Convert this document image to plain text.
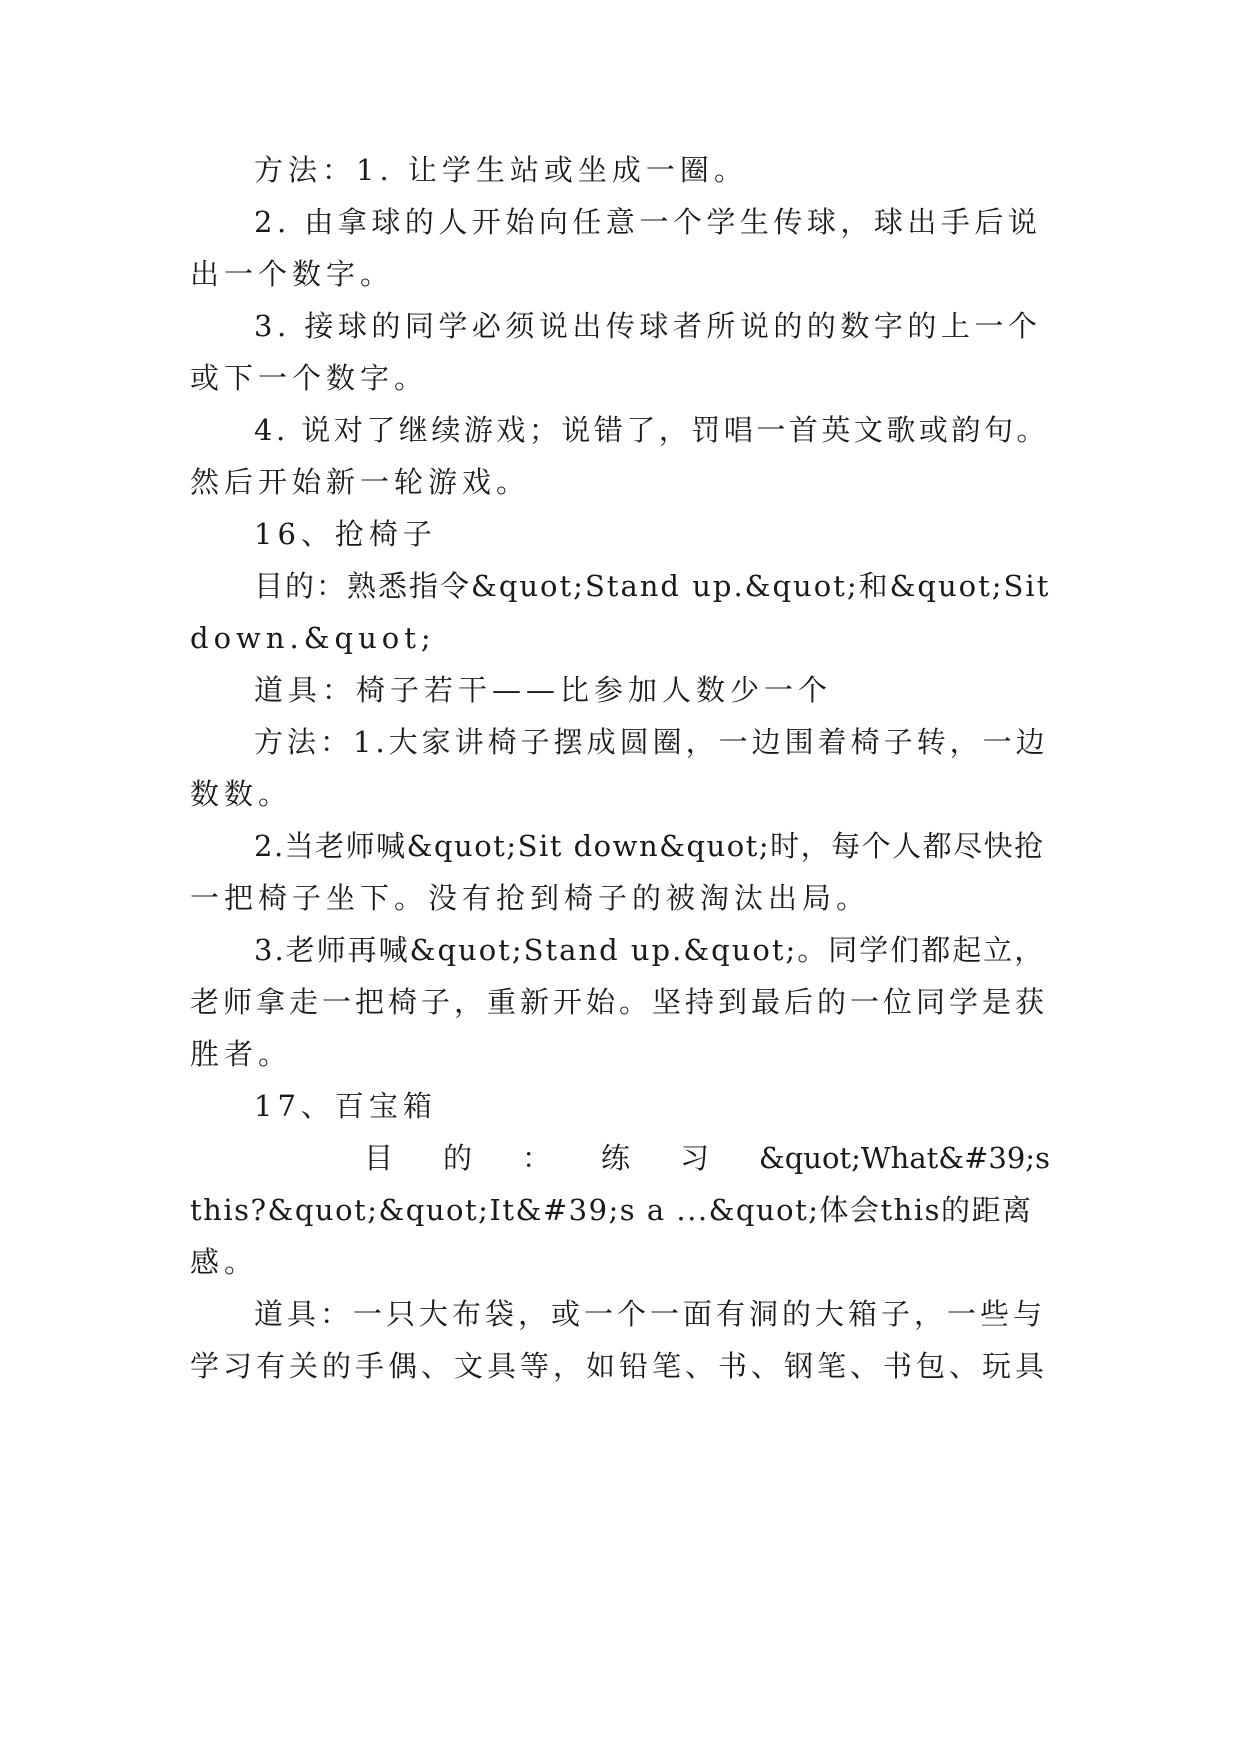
方法：1. 让学生站或坐成一圈。
2. 由拿球的人开始向任意一个学生传球，球出手后说
出一个数字。
3. 接球的同学必须说出传球者所说的的数字的上一个
或下一个数字。
4. 说对了继续游戏；说错了，罚唱一首英文歌或韵句。
然后开始新一轮游戏。
16、抢椅子
目的：熟悉指令&quot;Stand up.&quot;和&quot;Sit
down.&quot;
道具：椅子若干——比参加人数少一个
方法：1.大家讲椅子摆成圆圈，一边围着椅子转，一边
数数。
2.当老师喊&quot;Sit down&quot;时，每个人都尽快抢
一把椅子坐下。没有抢到椅子的被淘汰出局。
3.老师再喊&quot;Stand up.&quot;。同学们都起立，
老师拿走一把椅子，重新开始。坚持到最后的一位同学是获
胜者。
17、百宝箱
目 的 ： 练 习 &quot;What&#39;s
this?&quot;&quot;It&#39;s a ...&quot;体会this的距离
感。
道具：一只大布袋，或一个一面有洞的大箱子，一些与
学习有关的手偶、文具等，如铅笔、书、钢笔、书包、玩具
